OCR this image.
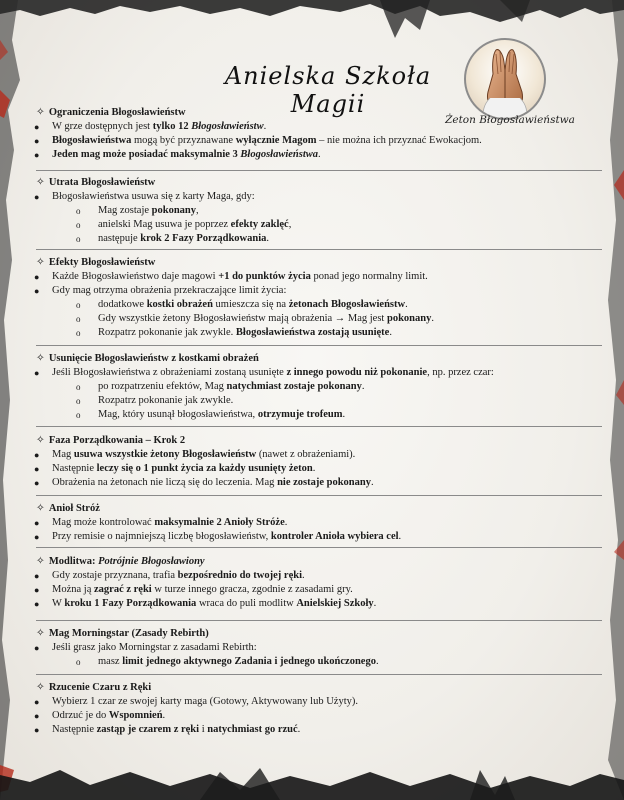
Anielska Szkoła Magii
Żeton Błogosławieństwa
✧ Ograniczenia Błogosławieństw
● W grze dostępnych jest tylko 12 Błogosławieństw.
● Błogosławieństwa mogą być przyznawane wyłącznie Magom – nie można ich przyznać Ewokacjom.
● Jeden mag może posiadać maksymalnie 3 Błogosławieństwa.
✧ Utrata Błogosławieństw
● Błogosławieństwa usuwa się z karty Maga, gdy:
o Mag zostaje pokonany,
o anielski Mag usuwa je poprzez efekty zaklęć,
o następuje krok 2 Fazy Porządkowania.
✧ Efekty Błogosławieństw
● Każde Błogosławieństwo daje magowi +1 do punktów życia ponad jego normalny limit.
● Gdy mag otrzyma obrażenia przekraczające limit życia:
o dodatkowe kostki obrażeń umieszcza się na żetonach Błogosławieństw.
o Gdy wszystkie żetony Błogosławieństw mają obrażenia → Mag jest pokonany.
o Rozpatrz pokonanie jak zwykle. Błogosławieństwa zostają usunięte.
✧ Usunięcie Błogosławieństw z kostkami obrażeń
● Jeśli Błogosławieństwa z obrażeniami zostaną usunięte z innego powodu niż pokonanie, np. przez czar:
o po rozpatrzeniu efektów, Mag natychmiast zostaje pokonany.
o Rozpatrz pokonanie jak zwykle.
o Mag, który usunął błogosławieństwa, otrzymuje trofeum.
✧ Faza Porządkowania – Krok 2
● Mag usuwa wszystkie żetony Błogosławieństw (nawet z obrażeniami).
● Następnie leczy się o 1 punkt życia za każdy usunięty żeton.
● Obrażenia na żetonach nie liczą się do leczenia. Mag nie zostaje pokonany.
✧ Anioł Stróż
● Mag może kontrolować maksymalnie 2 Anioły Stróże.
● Przy remisie o najmniejszą liczbę błogosławieństw, kontroler Anioła wybiera cel.
✧ Modlitwa: Potrójnie Błogosławiony
● Gdy zostaje przyznana, trafia bezpośrednio do twojej ręki.
● Można ją zagrać z ręki w turze innego gracza, zgodnie z zasadami gry.
● W kroku 1 Fazy Porządkowania wraca do puli modlitw Anielskiej Szkoły.
✧ Mag Morningstar (Zasady Rebirth)
● Jeśli grasz jako Morningstar z zasadami Rebirth:
o masz limit jednego aktywnego Zadania i jednego ukończonego.
✧ Rzucenie Czaru z Ręki
● Wybierz 1 czar ze swojej karty maga (Gotowy, Aktywowany lub Użyty).
● Odrzuć je do Wspomnień.
● Następnie zastąp je czarem z ręki i natychmiast go rzuć.
